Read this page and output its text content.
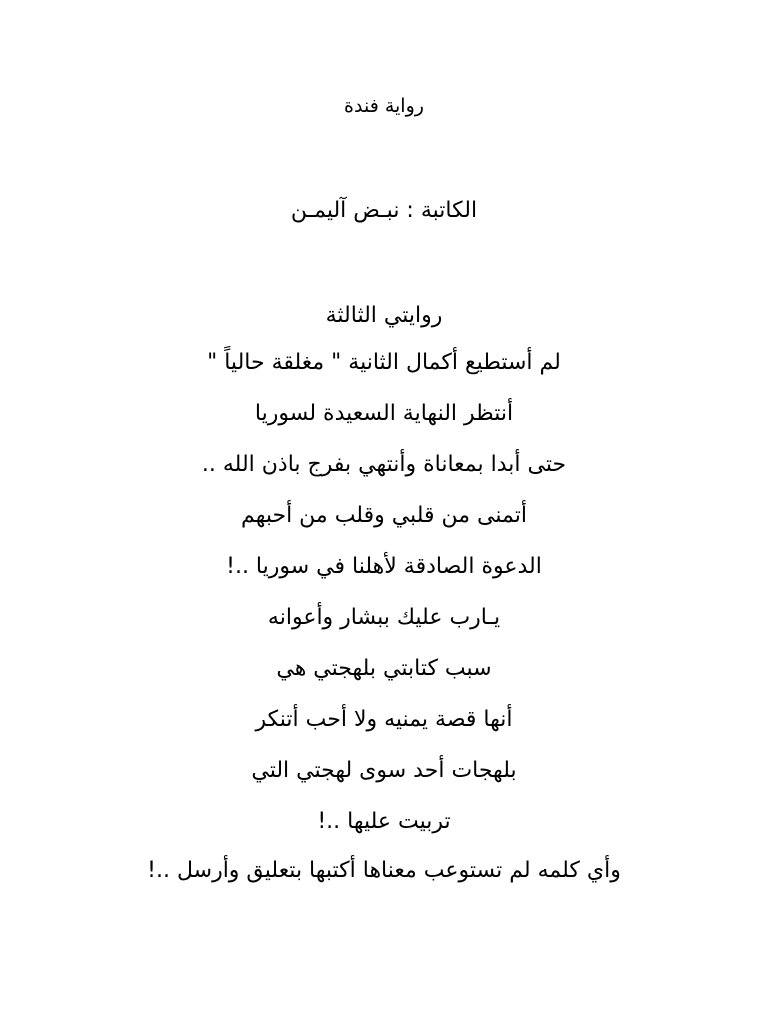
رواية فندة
الكاتبة : نبـض آليمـن
روايتي الثالثة
لم أستطيع أكمال الثانية " مغلقة حالياً "
أنتظر النهاية السعيدة لسوريا
حتى أبدا بمعاناة وأنتهي بفرج باذن الله ..
أتمنى من قلبي وقلب من أحبهم
الدعوة الصادقة لأهلنا في سوريا ..!
يـارب عليك ببشار وأعوانه
سبب كتابتي بلهجتي هي
أنها قصة يمنيه ولا أحب أتنكر
بلهجات أحد سوى لهجتي التي
تربيت عليها ..!
وأي كلمه لم تستوعب معناها أكتبها بتعليق وأرسل ..!
